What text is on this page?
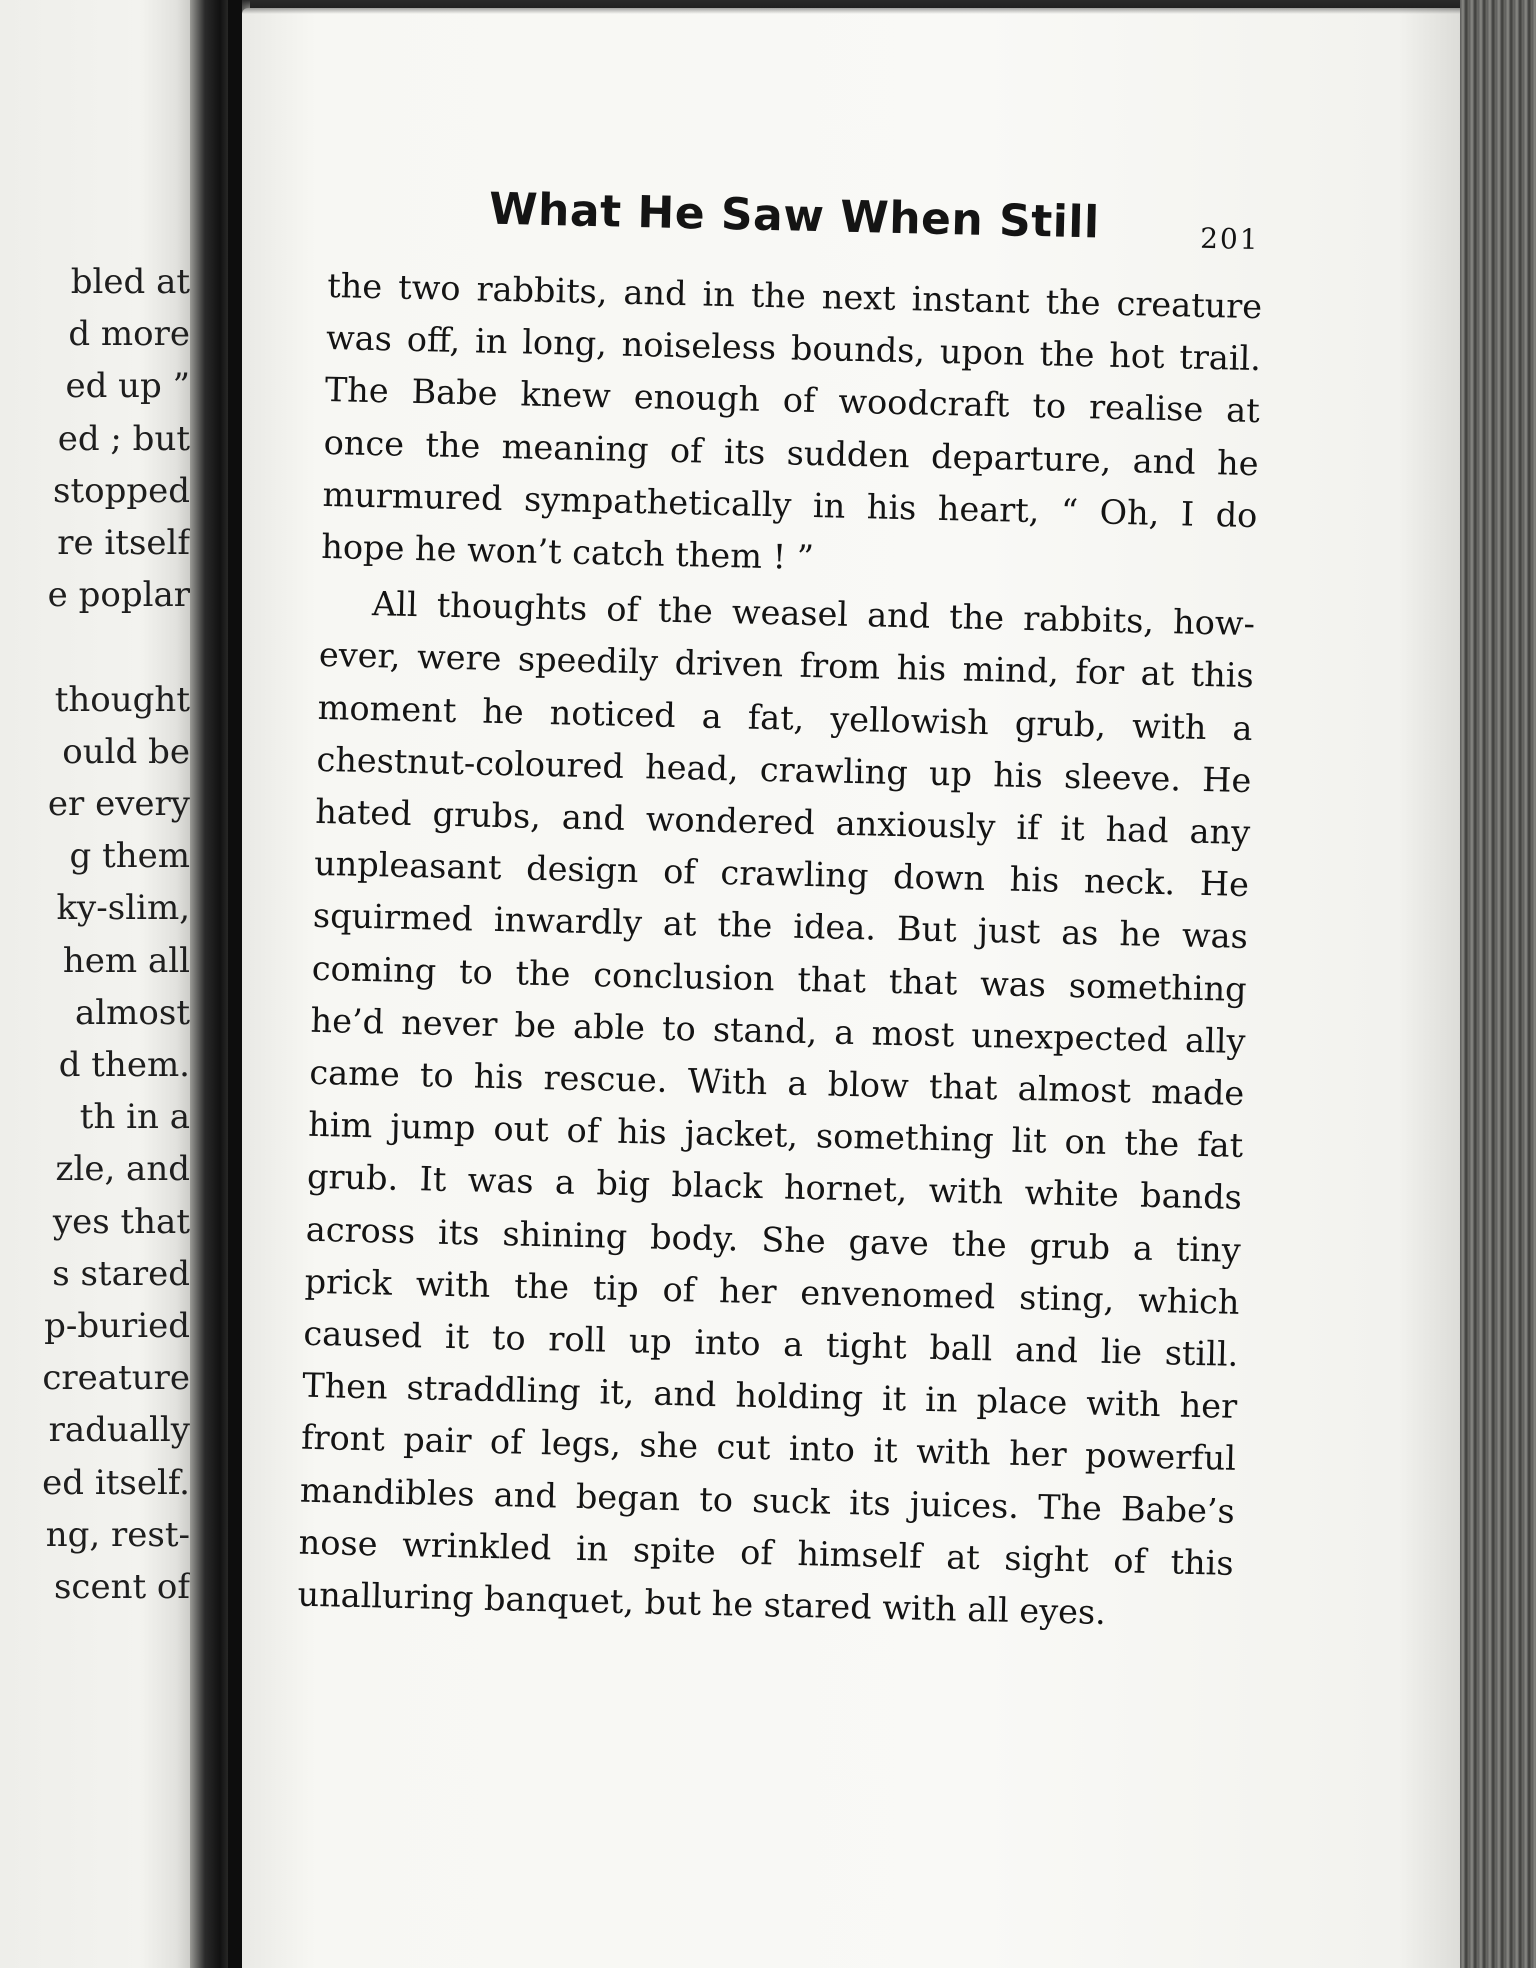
bled at
d more
ed up ”
ed ; but
stopped
re itself
e poplar
thought
ould be
er every
g them
ky-slim,
hem all
almost
d them.
th in a
zle, and
yes that
s stared
p-buried
creature
radually
ed itself.
ng, rest-
scent of
What He Saw When Still	201
the two rabbits, and in the next instant the creature
was off, in long, noiseless bounds, upon the hot trail.
The Babe knew enough of woodcraft to realise at
once the meaning of its sudden departure, and he
murmured sympathetically in his heart, “ Oh, I do
hope he won’t catch them ! ”
All thoughts of the weasel and the rabbits, how-
ever, were speedily driven from his mind, for at this
moment he noticed a fat, yellowish grub, with a
chestnut-coloured head, crawling up his sleeve. He
hated grubs, and wondered anxiously if it had any
unpleasant design of crawling down his neck. He
squirmed inwardly at the idea. But just as he was
coming to the conclusion that that was something
he’d never be able to stand, a most unexpected ally
came to his rescue. With a blow that almost made
him jump out of his jacket, something lit on the fat
grub. It was a big black hornet, with white bands
across its shining body. She gave the grub a tiny
prick with the tip of her envenomed sting, which
caused it to roll up into a tight ball and lie still.
Then straddling it, and holding it in place with her
front pair of legs, she cut into it with her powerful
mandibles and began to suck its juices. The Babe’s
nose wrinkled in spite of himself at sight of this
unalluring banquet, but he stared with all eyes.
